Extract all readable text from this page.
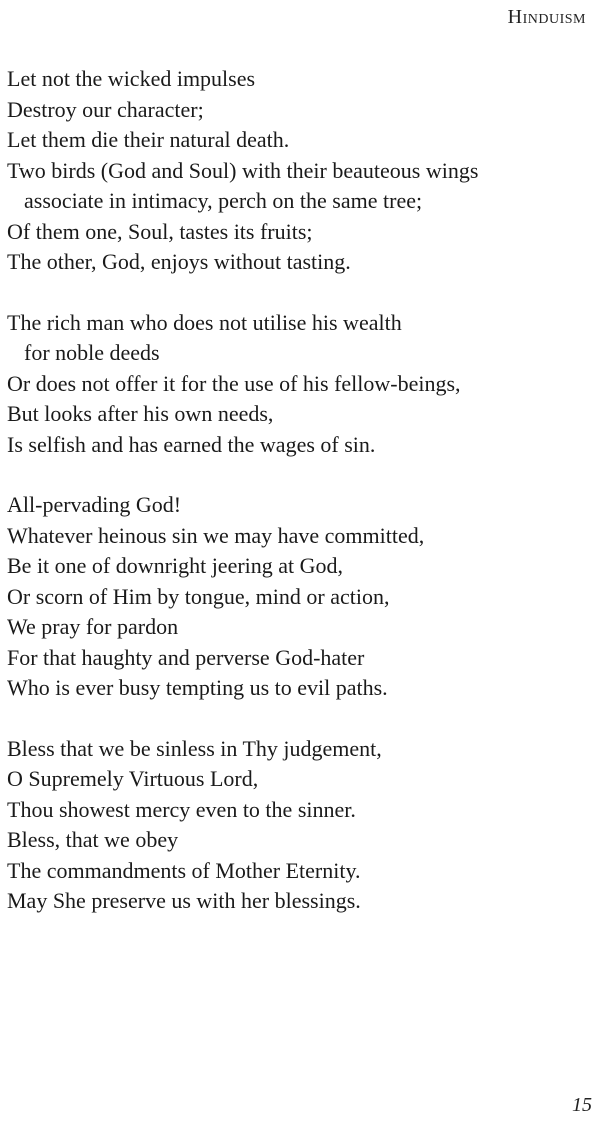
Hinduism
Let not the wicked impulses
Destroy our character;
Let them die their natural death.
Two birds (God and Soul) with their beauteous wings
associate in intimacy, perch on the same tree;
Of them one, Soul, tastes its fruits;
The other, God, enjoys without tasting.
The rich man who does not utilise his wealth
for noble deeds
Or does not offer it for the use of his fellow-beings,
But looks after his own needs,
Is selfish and has earned the wages of sin.
All-pervading God!
Whatever heinous sin we may have committed,
Be it one of downright jeering at God,
Or scorn of Him by tongue, mind or action,
We pray for pardon
For that haughty and perverse God-hater
Who is ever busy tempting us to evil paths.
Bless that we be sinless in Thy judgement,
O Supremely Virtuous Lord,
Thou showest mercy even to the sinner.
Bless, that we obey
The commandments of Mother Eternity.
May She preserve us with her blessings.
15
